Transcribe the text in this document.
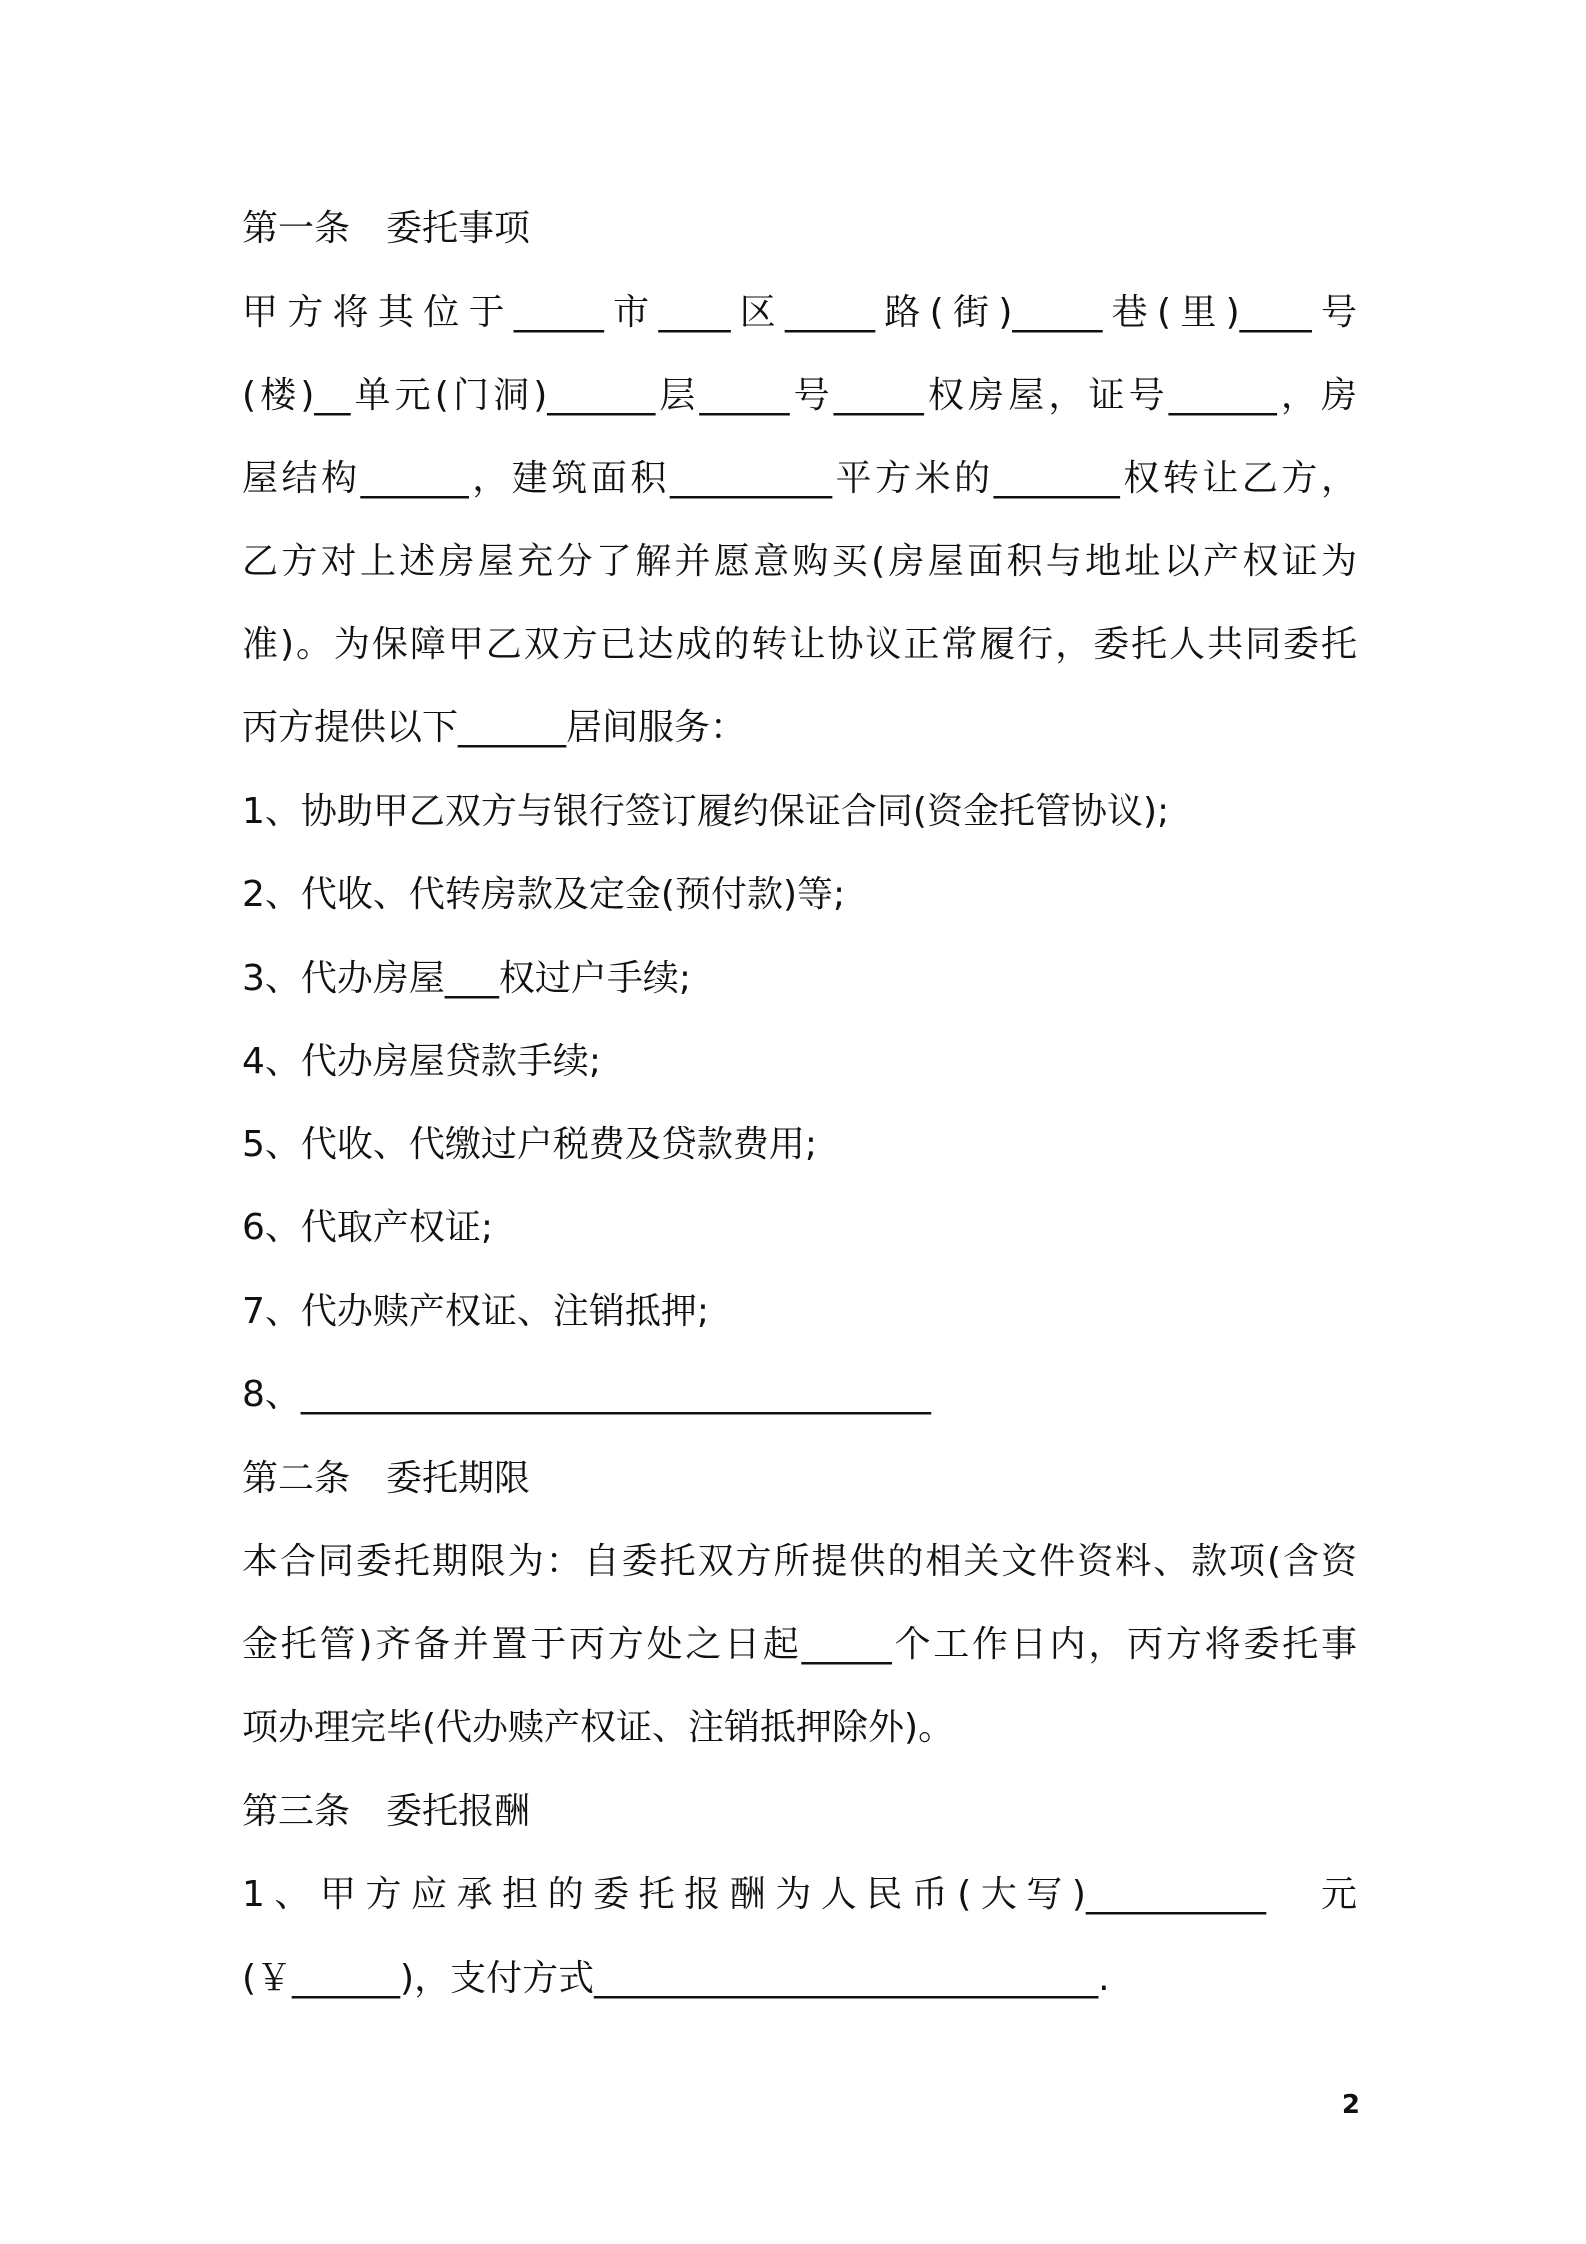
第一条　委托事项
甲方将其位于_____市____区_____路(街)_____巷(里)____号
(楼)__单元(门洞)______层_____号_____权房屋，证号______，房
屋结构______，建筑面积_________平方米的_______权转让乙方，
乙方对上述房屋充分了解并愿意购买(房屋面积与地址以产权证为
准)。为保障甲乙双方已达成的转让协议正常履行，委托人共同委托
丙方提供以下______居间服务：
1、协助甲乙双方与银行签订履约保证合同(资金托管协议);
2、代收、代转房款及定金(预付款)等;
3、代办房屋___权过户手续;
4、代办房屋贷款手续;
5、代收、代缴过户税费及贷款费用;
6、代取产权证;
7、代办赎产权证、注销抵押;
8、___________________________________
第二条　委托期限
本合同委托期限为：自委托双方所提供的相关文件资料、款项(含资
金托管)齐备并置于丙方处之日起_____个工作日内，丙方将委托事
项办理完毕(代办赎产权证、注销抵押除外)。
第三条　委托报酬
1、甲方应承担的委托报酬为人民币(大写)__________　元
(￥______)，支付方式____________________________.
2
